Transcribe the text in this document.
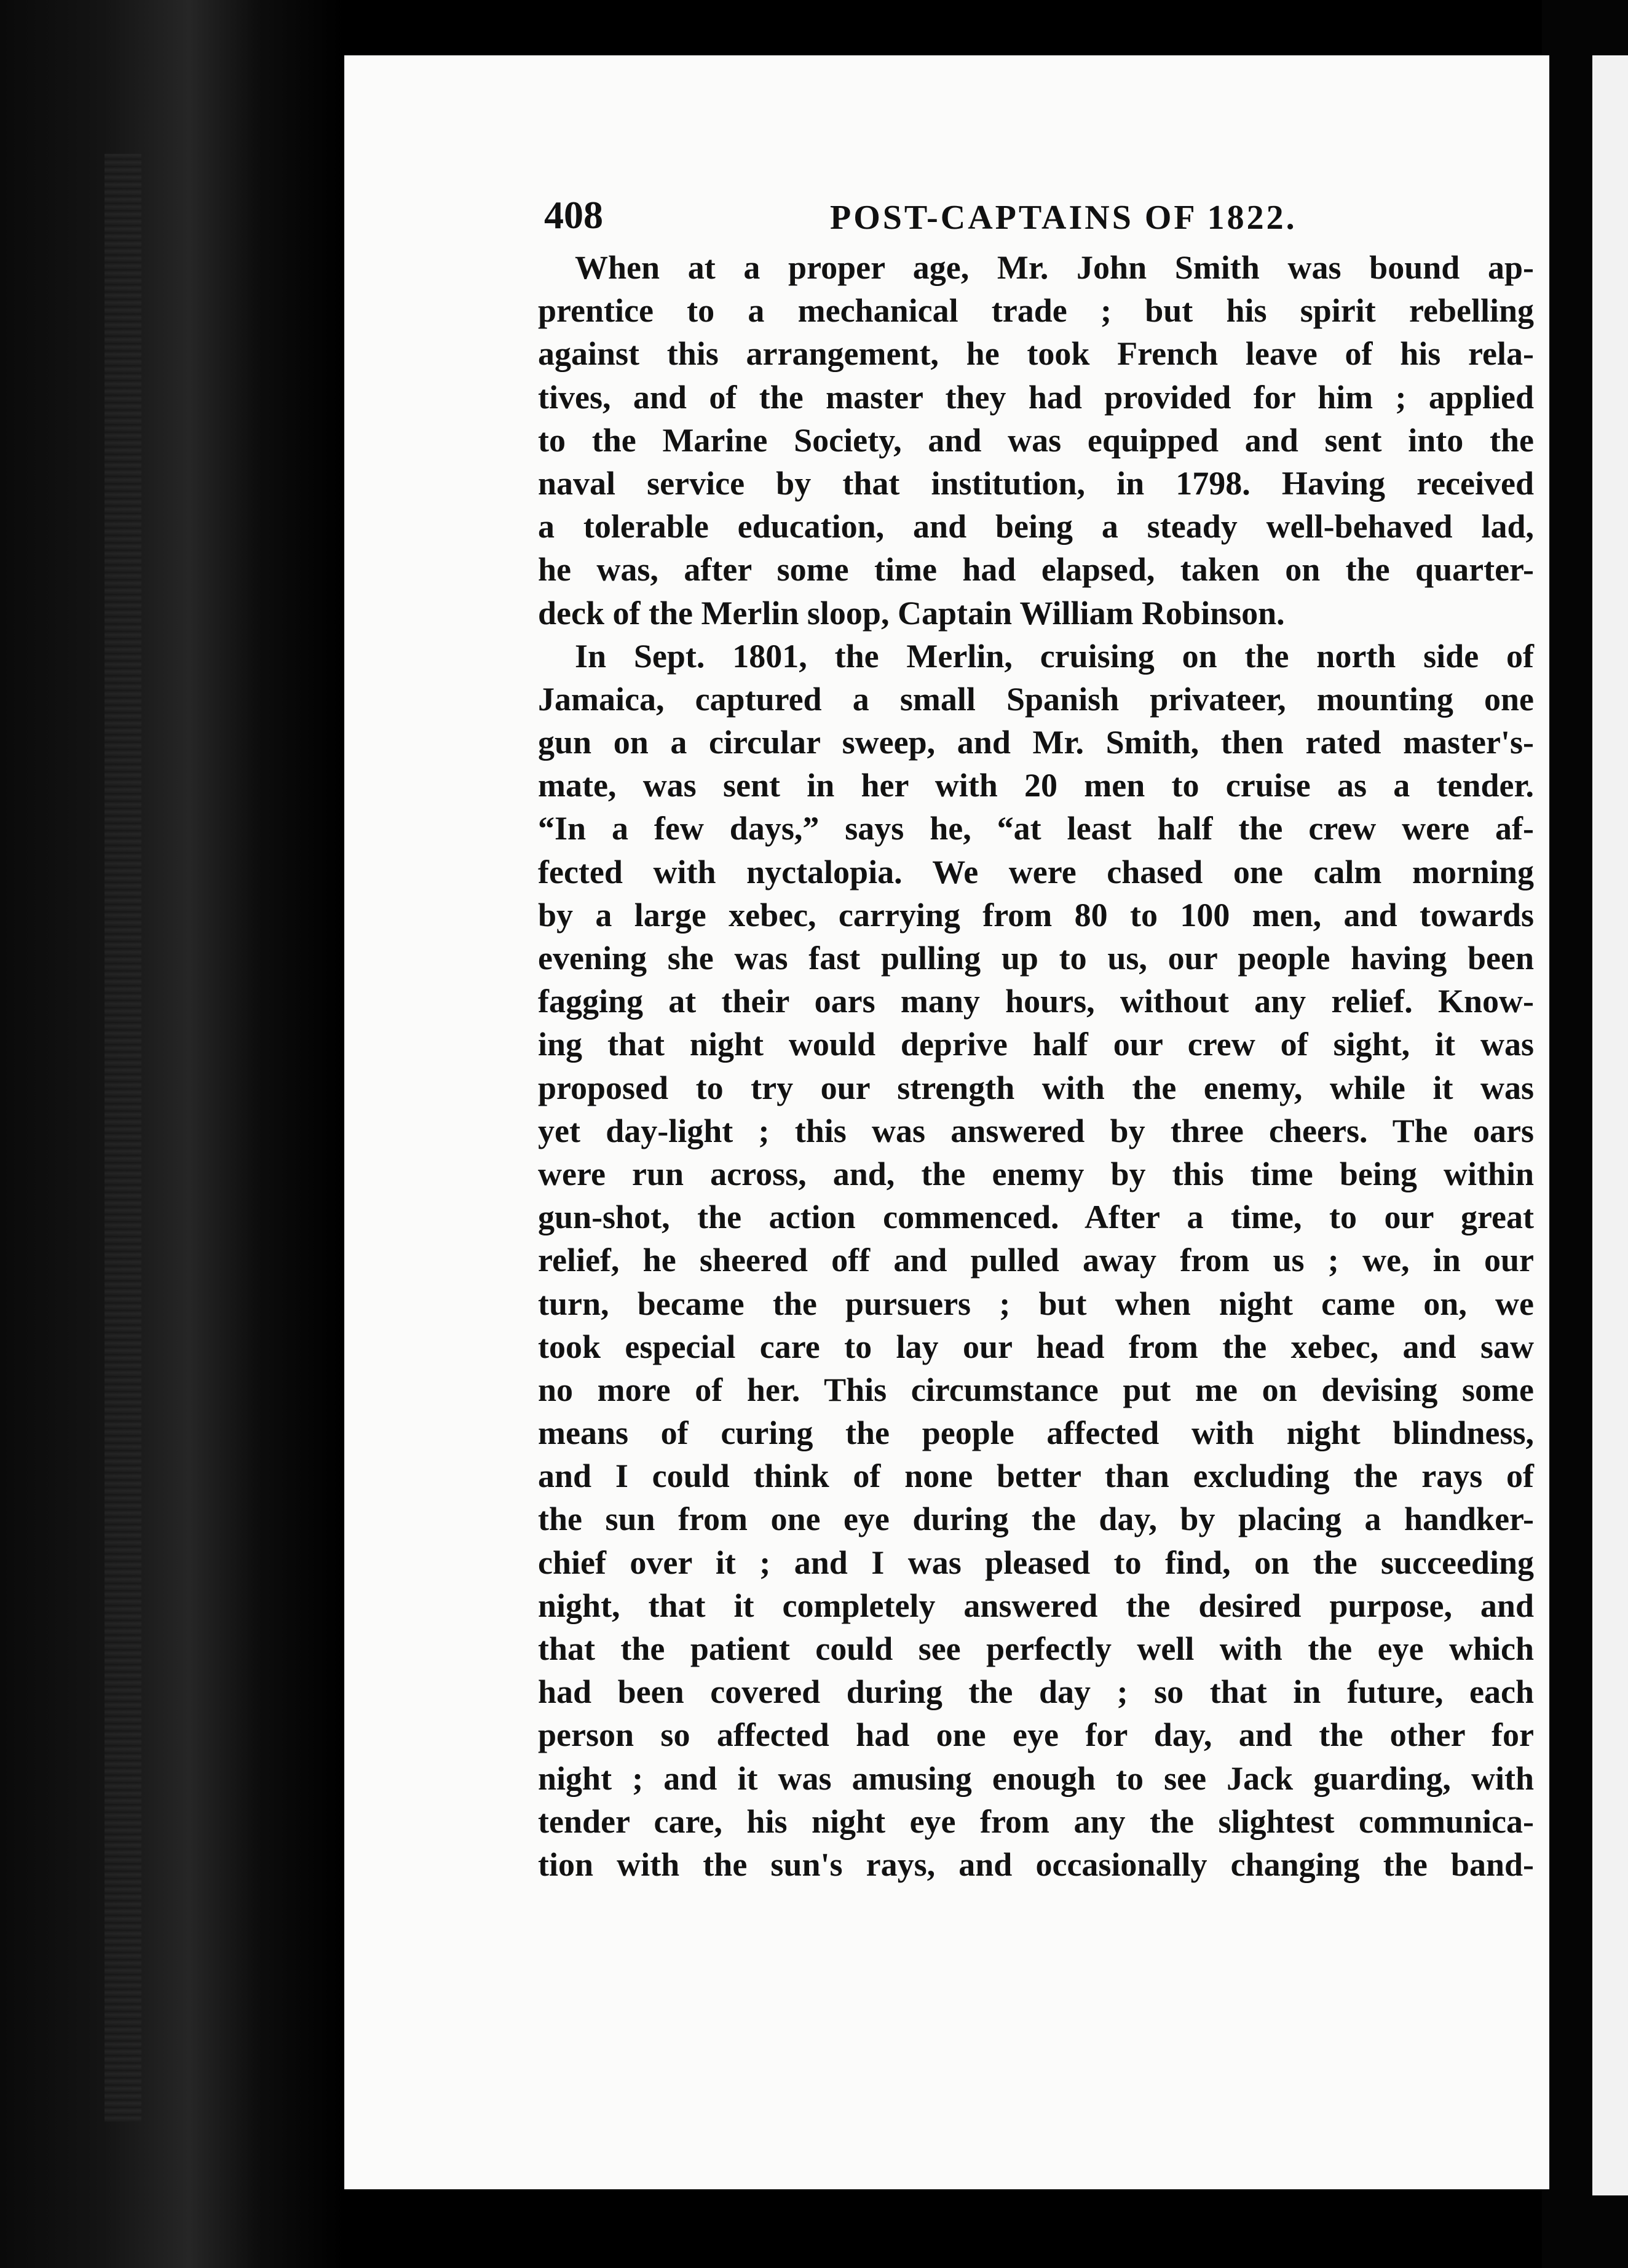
408	POST-CAPTAINS OF 1822.
When at a proper age, Mr. John Smith was bound ap-
prentice to a mechanical trade ; but his spirit rebelling
against this arrangement, he took French leave of his rela-
tives, and of the master they had provided for him ; applied
to the Marine Society, and was equipped and sent into the
naval service by that institution, in 1798. Having received
a tolerable education, and being a steady well-behaved lad,
he was, after some time had elapsed, taken on the quarter-
deck of the Merlin sloop, Captain William Robinson.
In Sept. 1801, the Merlin, cruising on the north side of
Jamaica, captured a small Spanish privateer, mounting one
gun on a circular sweep, and Mr. Smith, then rated master's-
mate, was sent in her with 20 men to cruise as a tender.
“In a few days,” says he, “at least half the crew were af-
fected with nyctalopia. We were chased one calm morning
by a large xebec, carrying from 80 to 100 men, and towards
evening she was fast pulling up to us, our people having been
fagging at their oars many hours, without any relief. Know-
ing that night would deprive half our crew of sight, it was
proposed to try our strength with the enemy, while it was
yet day-light ; this was answered by three cheers. The oars
were run across, and, the enemy by this time being within
gun-shot, the action commenced. After a time, to our great
relief, he sheered off and pulled away from us ; we, in our
turn, became the pursuers ; but when night came on, we
took especial care to lay our head from the xebec, and saw
no more of her. This circumstance put me on devising some
means of curing the people affected with night blindness,
and I could think of none better than excluding the rays of
the sun from one eye during the day, by placing a handker-
chief over it ; and I was pleased to find, on the succeeding
night, that it completely answered the desired purpose, and
that the patient could see perfectly well with the eye which
had been covered during the day ; so that in future, each
person so affected had one eye for day, and the other for
night ; and it was amusing enough to see Jack guarding, with
tender care, his night eye from any the slightest communica-
tion with the sun's rays, and occasionally changing the band-
